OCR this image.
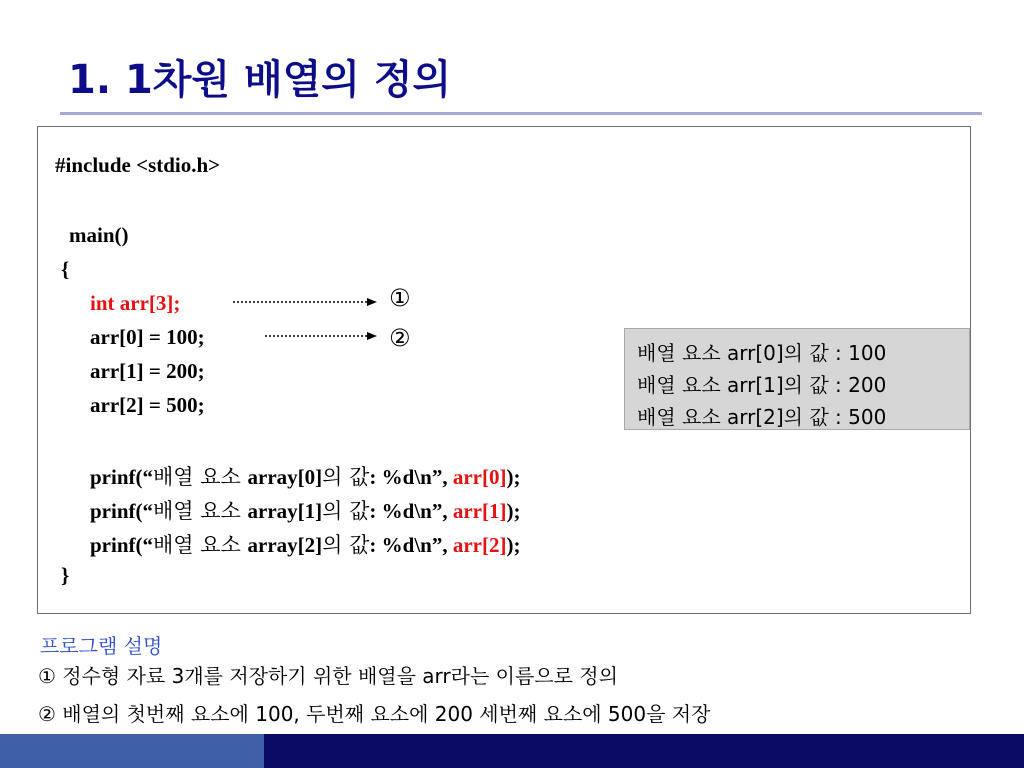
1. 1차원 배열의 정의
#include <stdio.h>
main()
{
int arr[3];
arr[0] = 100;
arr[1] = 200;
arr[2] = 500;
prinf(“배열 요소 array[0]의 값: %d\n”, arr[0]);
prinf(“배열 요소 array[1]의 값: %d\n”, arr[1]);
prinf(“배열 요소 array[2]의 값: %d\n”, arr[2]);
}
①
②
배열 요소 arr[0]의 값 : 100
배열 요소 arr[1]의 값 : 200
배열 요소 arr[2]의 값 : 500
프로그램 설명
① 정수형 자료 3개를 저장하기 위한 배열을 arr라는 이름으로 정의
② 배열의 첫번째 요소에 100, 두번째 요소에 200 세번째 요소에 500을 저장
